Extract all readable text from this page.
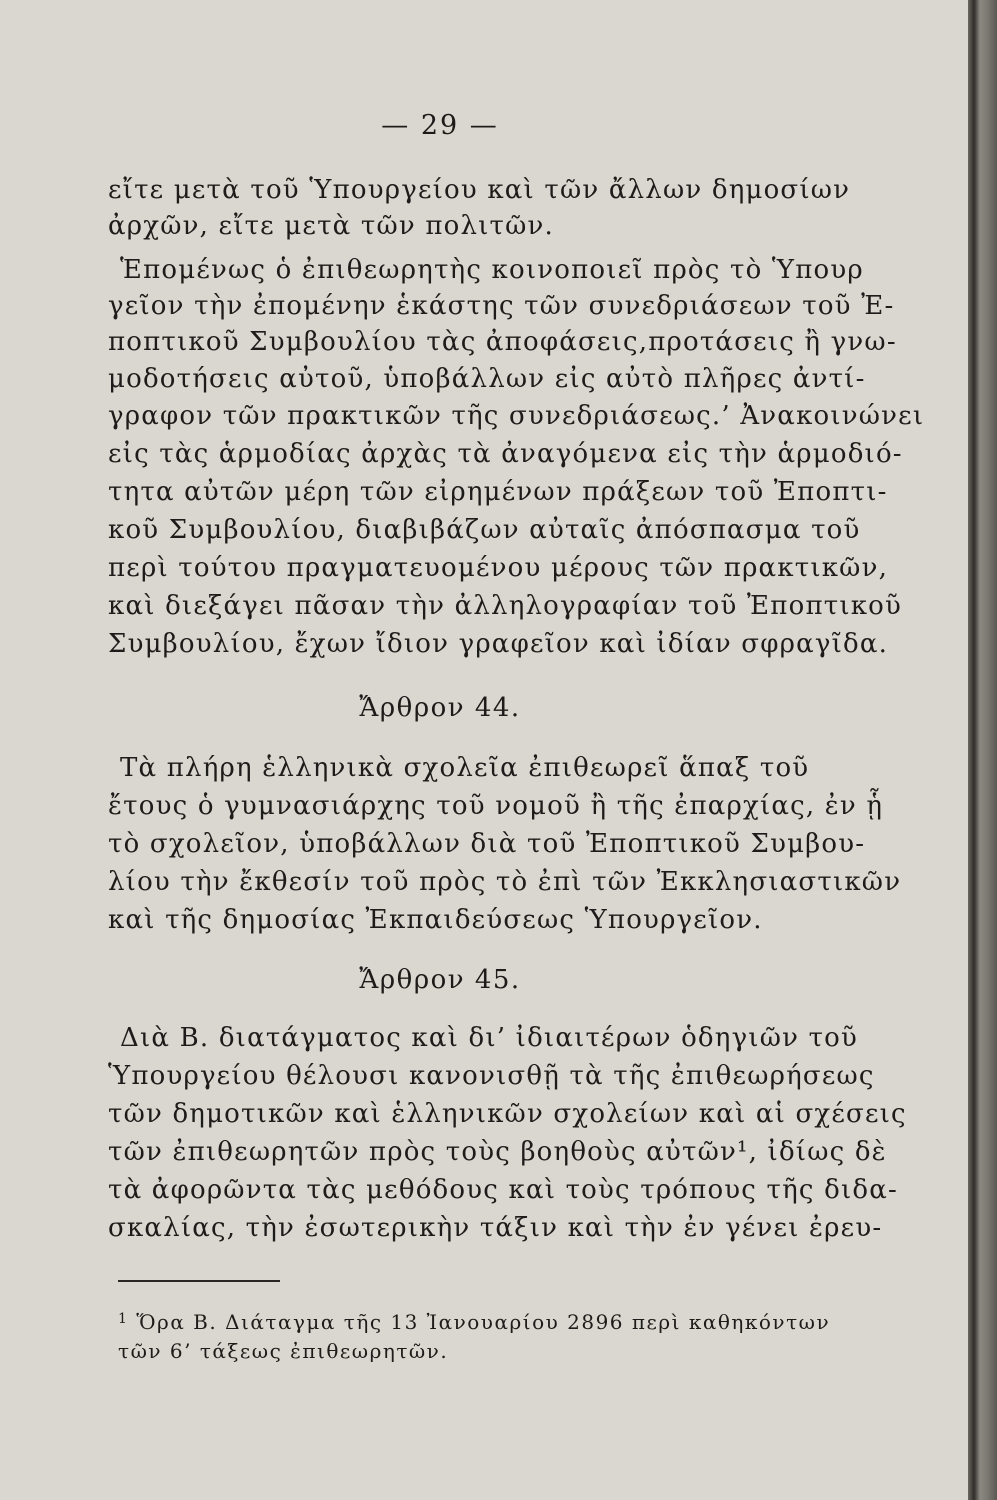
— 29 —
εἴτε μετὰ τοῦ Ὑπουργείου καὶ τῶν ἄλλων δημοσίων
ἀρχῶν, εἴτε μετὰ τῶν πολιτῶν.
Ἑπομένως ὁ ἐπιθεωρητὴς κοινοποιεῖ πρὸς τὸ Ὑπουρ
γεῖον τὴν ἐπομένην ἑκάστης τῶν συνεδριάσεων τοῦ Ἐ-
ποπτικοῦ Συμβουλίου τὰς ἀποφάσεις,προτάσεις ἢ γνω-
μοδοτήσεις αὐτοῦ, ὑποβάλλων εἰς αὐτὸ πλῆρες ἀντί-
γραφον τῶν πρακτικῶν τῆς συνεδριάσεως.’ Ἀνακοινώνει
εἰς τὰς ἁρμοδίας ἀρχὰς τὰ ἀναγόμενα εἰς τὴν ἁρμοδιό-
τητα αὐτῶν μέρη τῶν εἰρημένων πράξεων τοῦ Ἐποπτι-
κοῦ Συμβουλίου, διαβιβάζων αὐταῖς ἀπόσπασμα τοῦ
περὶ τούτου πραγματευομένου μέρους τῶν πρακτικῶν,
καὶ διεξάγει πᾶσαν τὴν ἀλληλογραφίαν τοῦ Ἐποπτικοῦ
Συμβουλίου, ἔχων ἴδιον γραφεῖον καὶ ἰδίαν σφραγῖδα.
Ἄρθρον 44.
Τὰ πλήρη ἑλληνικὰ σχολεῖα ἐπιθεωρεῖ ἅπαξ τοῦ
ἔτους ὁ γυμνασιάρχης τοῦ νομοῦ ἢ τῆς ἐπαρχίας, ἐν ᾗ
τὸ σχολεῖον, ὑποβάλλων διὰ τοῦ Ἐποπτικοῦ Συμβου-
λίου τὴν ἔκθεσίν τοῦ πρὸς τὸ ἐπὶ τῶν Ἐκκλησιαστικῶν
καὶ τῆς δημοσίας Ἐκπαιδεύσεως Ὑπουργεῖον.
Ἄρθρον 45.
Διὰ Β. διατάγματος καὶ δι’ ἰδιαιτέρων ὁδηγιῶν τοῦ
Ὑπουργείου θέλουσι κανονισθῇ τὰ τῆς ἐπιθεωρήσεως
τῶν δημοτικῶν καὶ ἑλληνικῶν σχολείων καὶ αἱ σχέσεις
τῶν ἐπιθεωρητῶν πρὸς τοὺς βοηθοὺς αὐτῶν¹, ἰδίως δὲ
τὰ ἀφορῶντα τὰς μεθόδους καὶ τοὺς τρόπους τῆς διδα-
σκαλίας, τὴν ἐσωτερικὴν τάξιν καὶ τὴν ἐν γένει ἐρευ-
$^1$ Ὅρα Β. Διάταγμα τῆς 13 Ἰανουαρίου 2896 περὶ καθηκόντων
τῶν 6’ τάξεως ἐπιθεωρητῶν.
